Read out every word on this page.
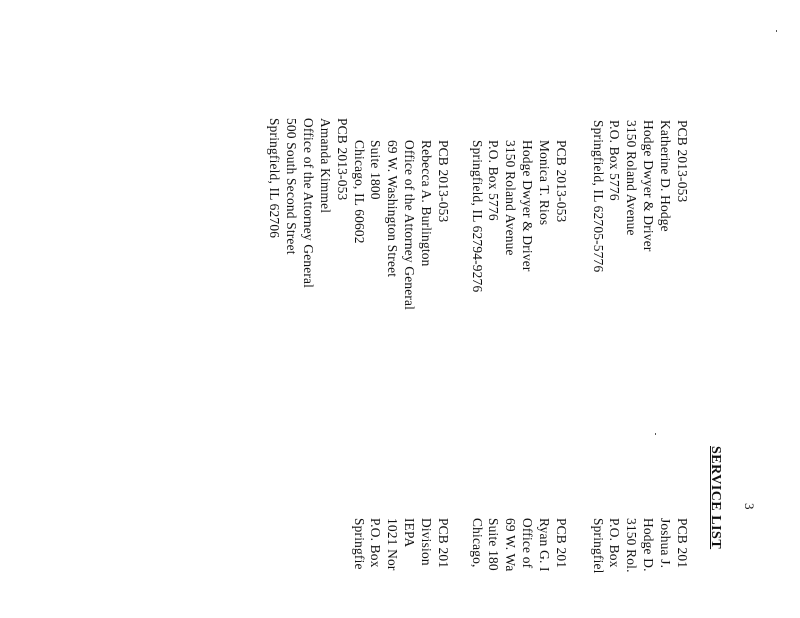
3
SERVICE LIST
PCB 2013-053
Katherine D. Hodge
Hodge Dwyer & Driver
3150 Roland Avenue
P.O. Box 5776
Springfield, IL 62705-5776
PCB 2013-053
Monica T. Rios
Hodge Dwyer & Driver
3150 Roland Avenue
P.O. Box 5776
Springfield, IL 62794-9276
PCB 2013-053
Rebecca A. Burlington
Office of the Attorney General
69 W. Washington Street
Suite 1800
Chicago, IL 60602
PCB 2013-053
Amanda Kimmel
Office of the Attorney General
500 South Second Street
Springfield, IL 62706
PCB 201
Joshua J.
Hodge D.
3150 Rol.
P.O. Box
Springfiel
PCB 201
Ryan G. I
Office of
69 W. Wa
Suite 180
Chicago,
PCB 201
Division
IEPA
1021 Nor
P.O. Box
Springfie
